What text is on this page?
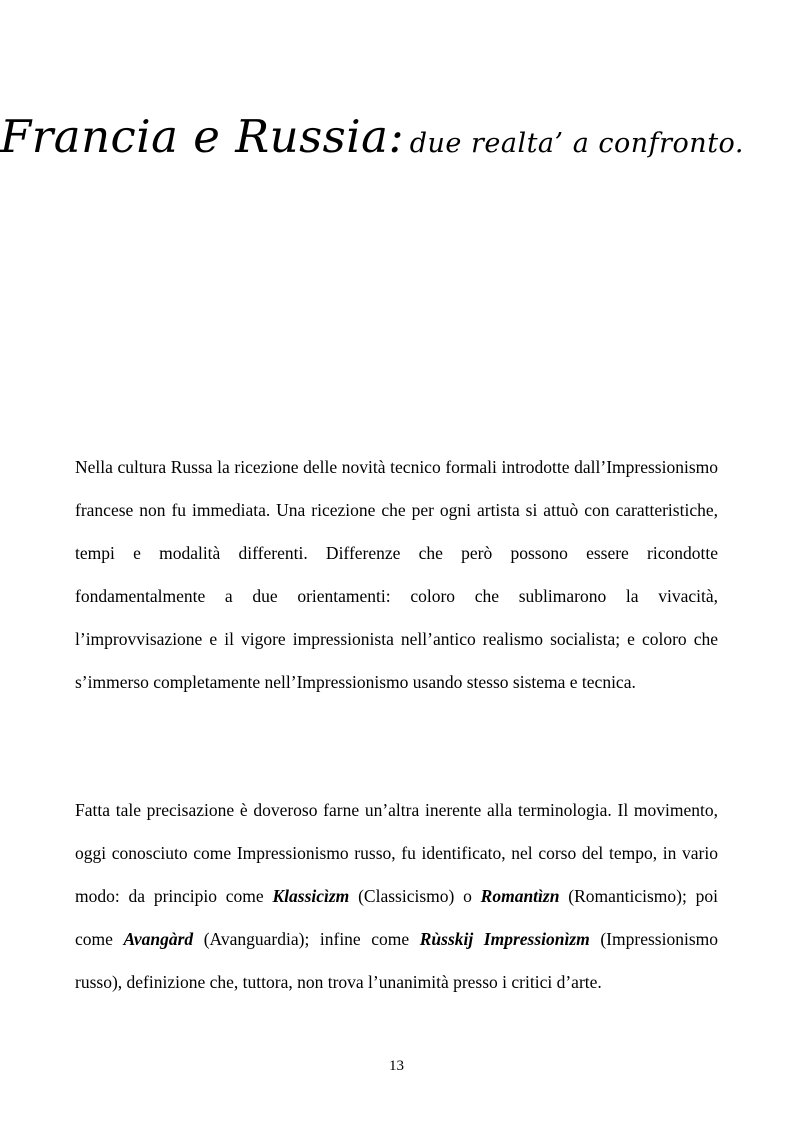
Francia e Russia: due realta’ a confronto.

Nella cultura Russa la ricezione delle novità tecnico formali introdotte dall’Impressionismo francese non fu immediata. Una ricezione che per ogni artista si attuò con caratteristiche, tempi e modalità differenti. Differenze che però possono essere ricondotte fondamentalmente a due orientamenti: coloro che sublimarono la vivacità, l’improvvisazione e il vigore impressionista nell’antico realismo socialista; e coloro che s’immerso completamente nell’Impressionismo usando stesso sistema e tecnica.

Fatta tale precisazione è doveroso farne un’altra inerente alla terminologia. Il movimento, oggi conosciuto come Impressionismo russo, fu identificato, nel corso del tempo, in vario modo: da principio come Klassicìzm (Classicismo) o Romantìzn (Romanticismo); poi come Avangàrd (Avanguardia); infine come Rùsskij Impressionìzm (Impressionismo russo), definizione che, tuttora, non trova l’unanimità presso i critici d’arte.

13
